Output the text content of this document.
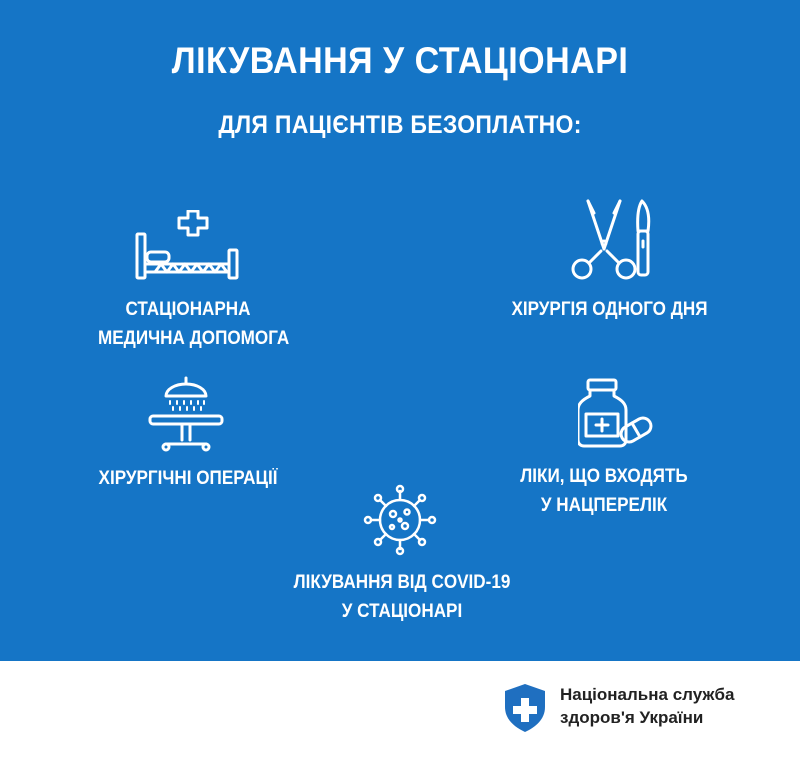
ЛІКУВАННЯ У СТАЦІОНАРІ
ДЛЯ ПАЦІЄНТІВ БЕЗОПЛАТНО:
СТАЦІОНАРНА
МЕДИЧНА ДОПОМОГА
ХІРУРГІЯ ОДНОГО ДНЯ
ХІРУРГІЧНІ ОПЕРАЦІЇ	ЛІКИ, ЩО ВХОДЯТЬ
У НАЦПЕРЕЛІК
ЛІКУВАННЯ ВІД COVID-19
У СТАЦІОНАРІ
Національна служба
здоров'я України
